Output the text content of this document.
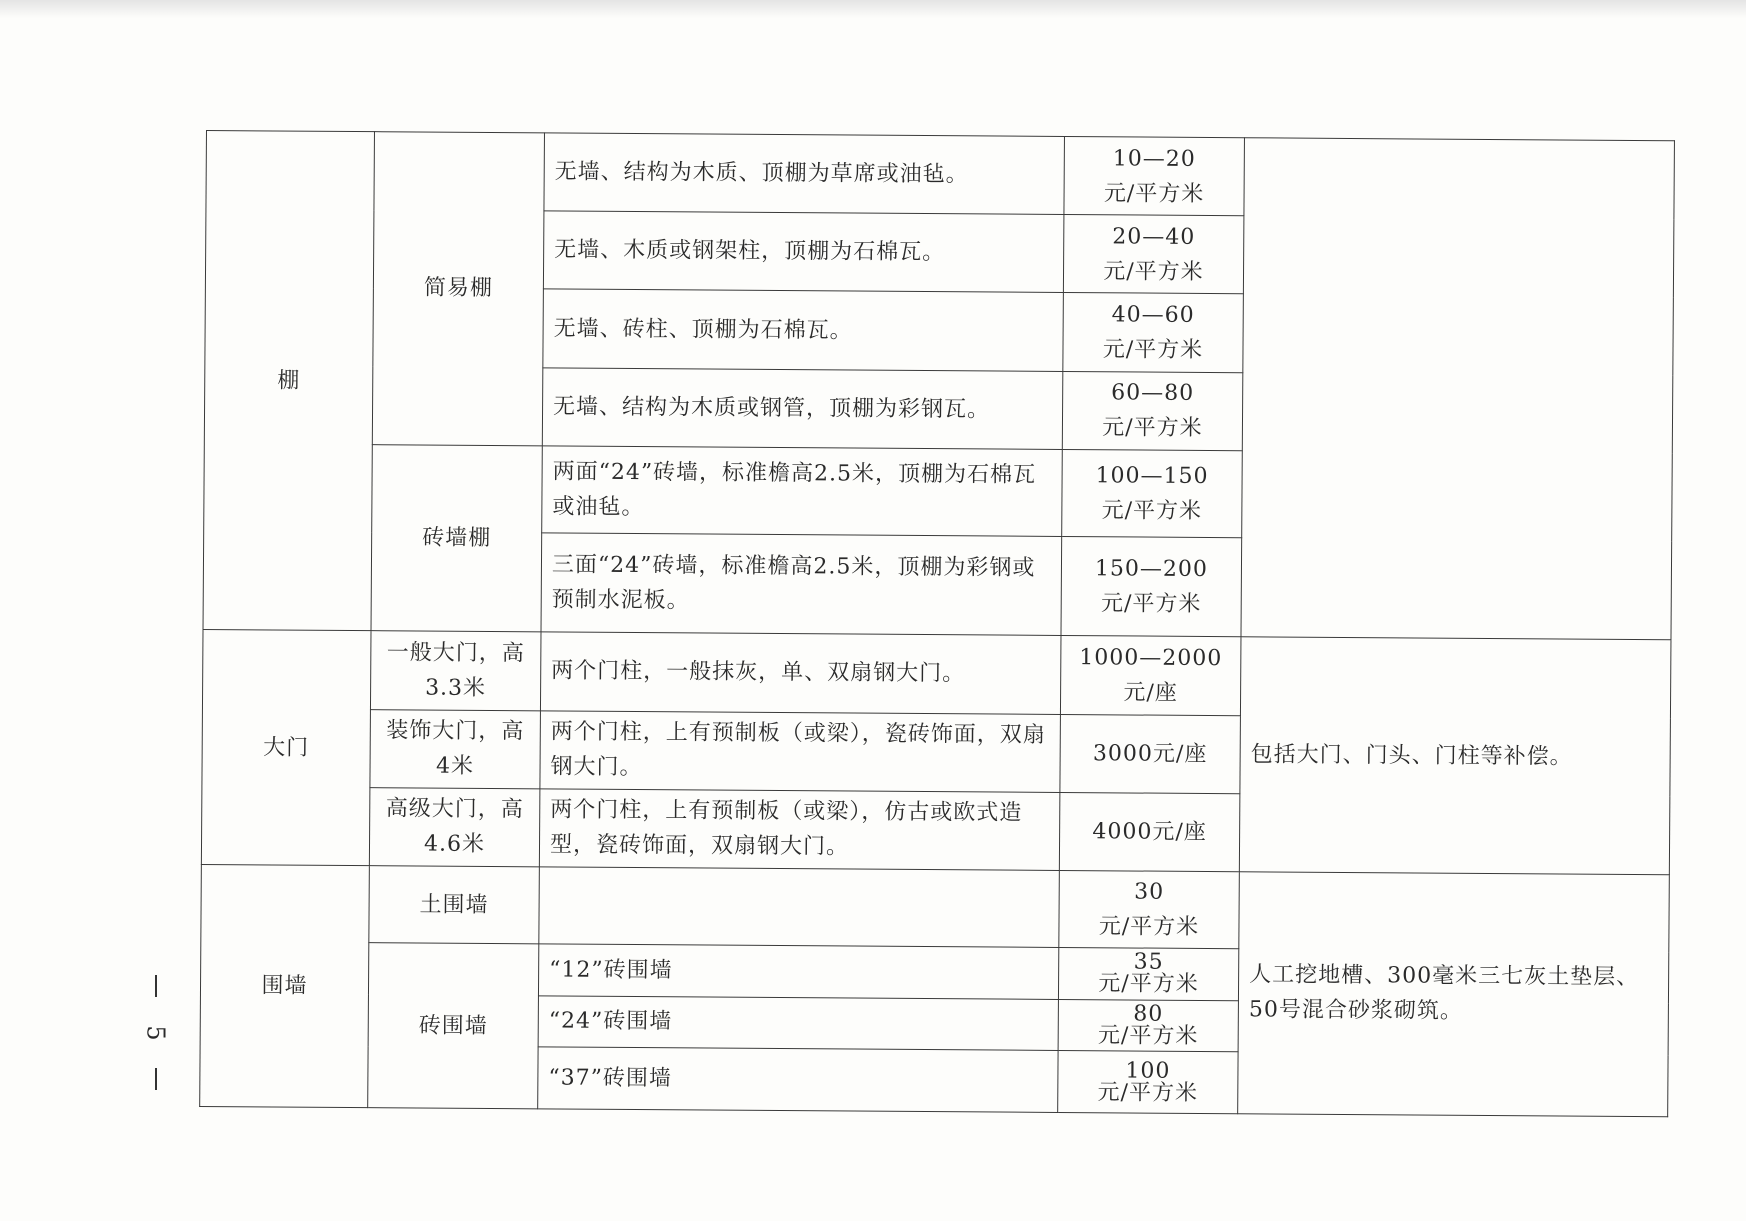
棚	简易棚	无墙、结构为木质、顶棚为草席或油毡。	10—20
元/平方米	
		无墙、木质或钢架柱，顶棚为石棉瓦。	20—40
元/平方米	
		无墙、砖柱、顶棚为石棉瓦。	40—60
元/平方米	
		无墙、结构为木质或钢管，顶棚为彩钢瓦。	60—80
元/平方米	
	砖墙棚	两面“24”砖墙，标准檐高2.5米，顶棚为石棉瓦或油毡。	100—150
元/平方米	
		三面“24”砖墙，标准檐高2.5米，顶棚为彩钢或预制水泥板。	150—200
元/平方米	
大门	一般大门，高3.3米	两个门柱，一般抹灰，单、双扇钢大门。	1000—2000
元/座	包括大门、门头、门柱等补偿。
	装饰大门，高4米	两个门柱，上有预制板（或梁），瓷砖饰面，双扇钢大门。	3000元/座	
	高级大门，高4.6米	两个门柱，上有预制板（或梁），仿古或欧式造型，瓷砖饰面，双扇钢大门。	4000元/座	
围墙	土围墙		30
元/平方米	人工挖地槽、300毫米三七灰土垫层、50号混合砂浆砌筑。
	砖围墙	“12”砖围墙	35
元/平方米	
		“24”砖围墙	80
元/平方米	
		“37”砖围墙	100
元/平方米	
5
